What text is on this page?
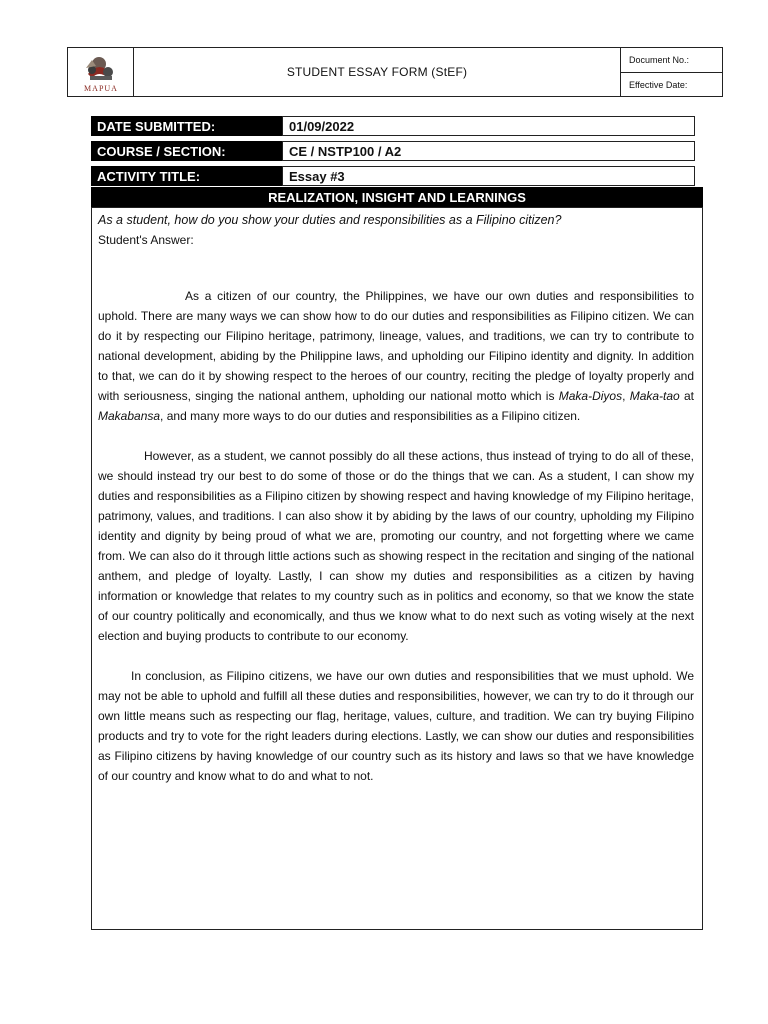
MAPUA
STUDENT ESSAY FORM (StEF)
Document No.:
Effective Date:
DATE SUBMITTED:	01/09/2022
COURSE / SECTION:	CE / NSTP100 / A2
ACTIVITY TITLE:	Essay #3
REALIZATION, INSIGHT AND LEARNINGS
As a student, how do you show your duties and responsibilities as a Filipino citizen?
Student's Answer:

As a citizen of our country, the Philippines, we have our own duties and responsibilities to uphold. There are many ways we can show how to do our duties and responsibilities as Filipino citizen. We can do it by respecting our Filipino heritage, patrimony, lineage, values, and traditions, we can try to contribute to national development, abiding by the Philippine laws, and upholding our Filipino identity and dignity. In addition to that, we can do it by showing respect to the heroes of our country, reciting the pledge of loyalty properly and with seriousness, singing the national anthem, upholding our national motto which is Maka-Diyos, Maka-tao at Makabansa, and many more ways to do our duties and responsibilities as a Filipino citizen.

However, as a student, we cannot possibly do all these actions, thus instead of trying to do all of these, we should instead try our best to do some of those or do the things that we can. As a student, I can show my duties and responsibilities as a Filipino citizen by showing respect and having knowledge of my Filipino heritage, patrimony, values, and traditions. I can also show it by abiding by the laws of our country, upholding my Filipino identity and dignity by being proud of what we are, promoting our country, and not forgetting where we came from. We can also do it through little actions such as showing respect in the recitation and singing of the national anthem, and pledge of loyalty. Lastly, I can show my duties and responsibilities as a citizen by having information or knowledge that relates to my country such as in politics and economy, so that we know the state of our country politically and economically, and thus we know what to do next such as voting wisely at the next election and buying products to contribute to our economy.

In conclusion, as Filipino citizens, we have our own duties and responsibilities that we must uphold. We may not be able to uphold and fulfill all these duties and responsibilities, however, we can try to do it through our own little means such as respecting our flag, heritage, values, culture, and tradition. We can try buying Filipino products and try to vote for the right leaders during elections. Lastly, we can show our duties and responsibilities as Filipino citizens by having knowledge of our country such as its history and laws so that we have knowledge of our country and know what to do and what to not.
